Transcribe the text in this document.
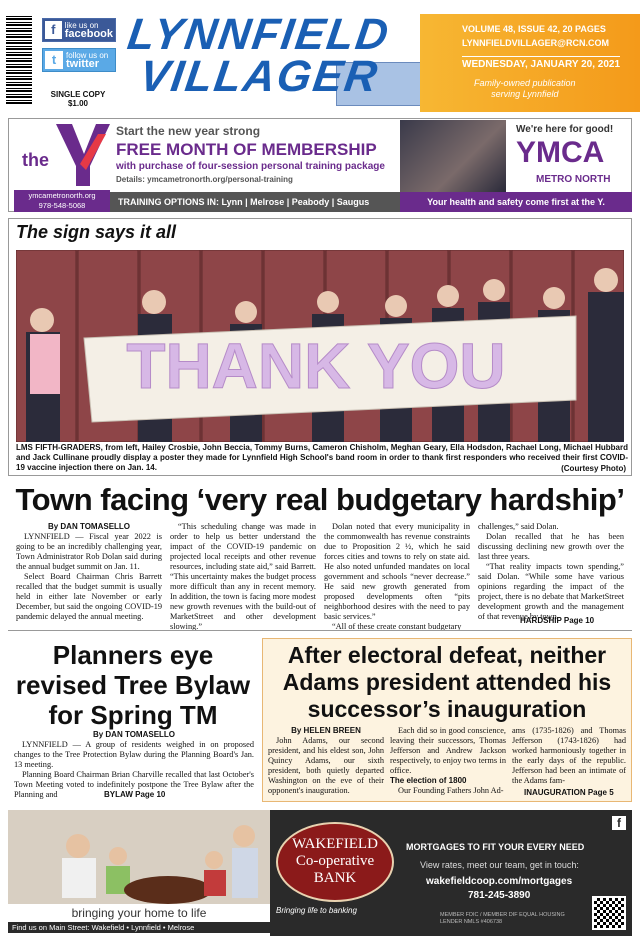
f	like us on
facebook
t	follow us on
twitter
SINGLE COPY $1.00
LYNNFIELD
VILLAGER
VOLUME 48, ISSUE 42, 20 PAGES
LYNNFIELDVILLAGER@RCN.COM
WEDNESDAY, JANUARY 20, 2021
Family-owned publication
serving Lynnfield
the
ymcametronorth.org
978-548-5068
Start the new year strong
FREE MONTH OF MEMBERSHIP
with purchase of four-session personal training package
Details: ymcametronorth.org/personal-training
TRAINING OPTIONS IN: Lynn | Melrose | Peabody | Saugus
We're here for good!
YMCA
METRO NORTH
Your health and safety come first at the Y.
The sign says it all
THANK YOU
LMS FIFTH-GRADERS, from left, Hailey Crosbie, John Beccia, Tommy Burns, Cameron Chisholm, Meghan Geary, Ella Hodsdon, Rachael Long, Michael Hubbard and Jack Cullinane proudly display a poster they made for Lynnfield High School's band room in order to thank first responders who received their first COVID-19 vaccine injection there on Jan. 14.	(Courtesy Photo)
Town facing ‘very real budgetary hardship’
By DAN TOMASELLO

LYNNFIELD — Fiscal year 2022 is going to be an incredibly challenging year, Town Administrator Rob Dolan said during the annual budget summit on Jan. 11.

Select Board Chairman Chris Barrett recalled that the budget summit is usually held in either late November or early December, but said the ongoing COVID-19 pandemic delayed the annual meeting.

“This scheduling change was made in order to help us better understand the impact of the COVID-19 pandemic on projected local receipts and other revenue resources, including state aid,” said Barrett. “This uncertainty makes the budget process more difficult than any in recent memory. In addition, the town is facing more modest new growth revenues with the build-out of MarketStreet and other development slowing.”

Dolan noted that every municipality in the commonwealth has revenue constraints due to Proposition 2 ½, which he said forces cities and towns to rely on state aid. He also noted unfunded mandates on local government and schools “never decrease.” He said new growth generated from proposed developments often “pits neighborhood desires with the need to pay basic services.”

“All of these create constant budgetary

challenges,” said Dolan.

Dolan recalled that he has been discussing declining new growth over the last three years.

“That reality impacts town spending,” said Dolan. “While some have various opinions regarding the impact of the project, there is no debate that MarketStreet development growth and the management of that revenue by town

HARDSHIP Page 10
Planners eye revised Tree Bylaw for Spring TM
By DAN TOMASELLO

LYNNFIELD — A group of residents weighed in on proposed changes to the Tree Protection Bylaw during the Planning Board's Jan. 13 meeting.

Planning Board Chairman Brian Charville recalled that last October's Town Meeting voted to indefinitely postpone the Tree Bylaw after the Planning and	BYLAW Page 10
After electoral defeat, neither Adams president attended his successor’s inauguration
By HELEN BREEN

John Adams, our second president, and his eldest son, John Quincy Adams, our sixth president, both quietly departed Washington on the eve of their opponent's inauguration.

Each did so in good conscience, leaving their successors, Thomas Jefferson and Andrew Jackson respectively, to enjoy two terms in office.

The election of 1800

Our Founding Fathers John Ad-

ams (1735-1826) and Thomas Jefferson (1743-1826) had worked harmoniously together in the early days of the republic. Jefferson had been an intimate of the Adams fam-
INAUGURATION Page 5
bringing your home to life
Find us on Main Street: Wakefield • Lynnfield • Melrose
WAKEFIELD
Co-operative
BANK
Bringing life to banking
f
MORTGAGES TO FIT YOUR EVERY NEED
View rates, meet our team, get in touch:
wakefieldcoop.com/mortgages
781-245-3890
MEMBER FDIC / MEMBER DIF EQUAL HOUSING LENDER NMLS #406738
